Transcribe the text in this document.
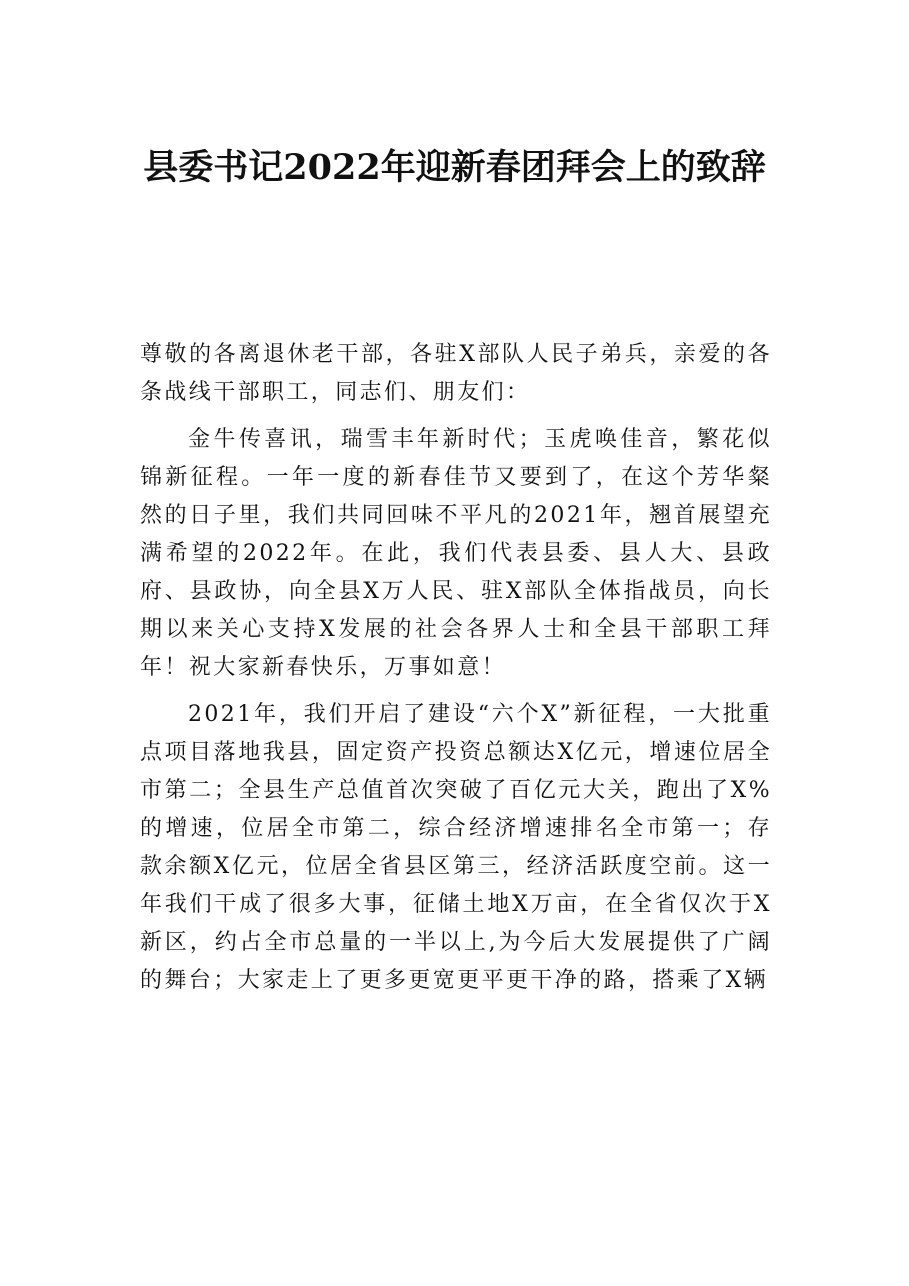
县委书记2022年迎新春团拜会上的致辞

尊敬的各离退休老干部，各驻X部队人民子弟兵，亲爱的各条战线干部职工，同志们、朋友们：

金牛传喜讯，瑞雪丰年新时代；玉虎唤佳音，繁花似锦新征程。一年一度的新春佳节又要到了，在这个芳华粲然的日子里，我们共同回味不平凡的2021年，翘首展望充满希望的2022年。在此，我们代表县委、县人大、县政府、县政协，向全县X万人民、驻X部队全体指战员，向长期以来关心支持X发展的社会各界人士和全县干部职工拜年！祝大家新春快乐，万事如意！

2021年，我们开启了建设“六个X”新征程，一大批重点项目落地我县，固定资产投资总额达X亿元，增速位居全市第二；全县生产总值首次突破了百亿元大关，跑出了X%的增速，位居全市第二，综合经济增速排名全市第一；存款余额X亿元，位居全省县区第三，经济活跃度空前。这一年我们干成了很多大事，征储土地X万亩，在全省仅次于X新区，约占全市总量的一半以上,为今后大发展提供了广阔的舞台；大家走上了更多更宽更平更干净的路，搭乘了X辆
